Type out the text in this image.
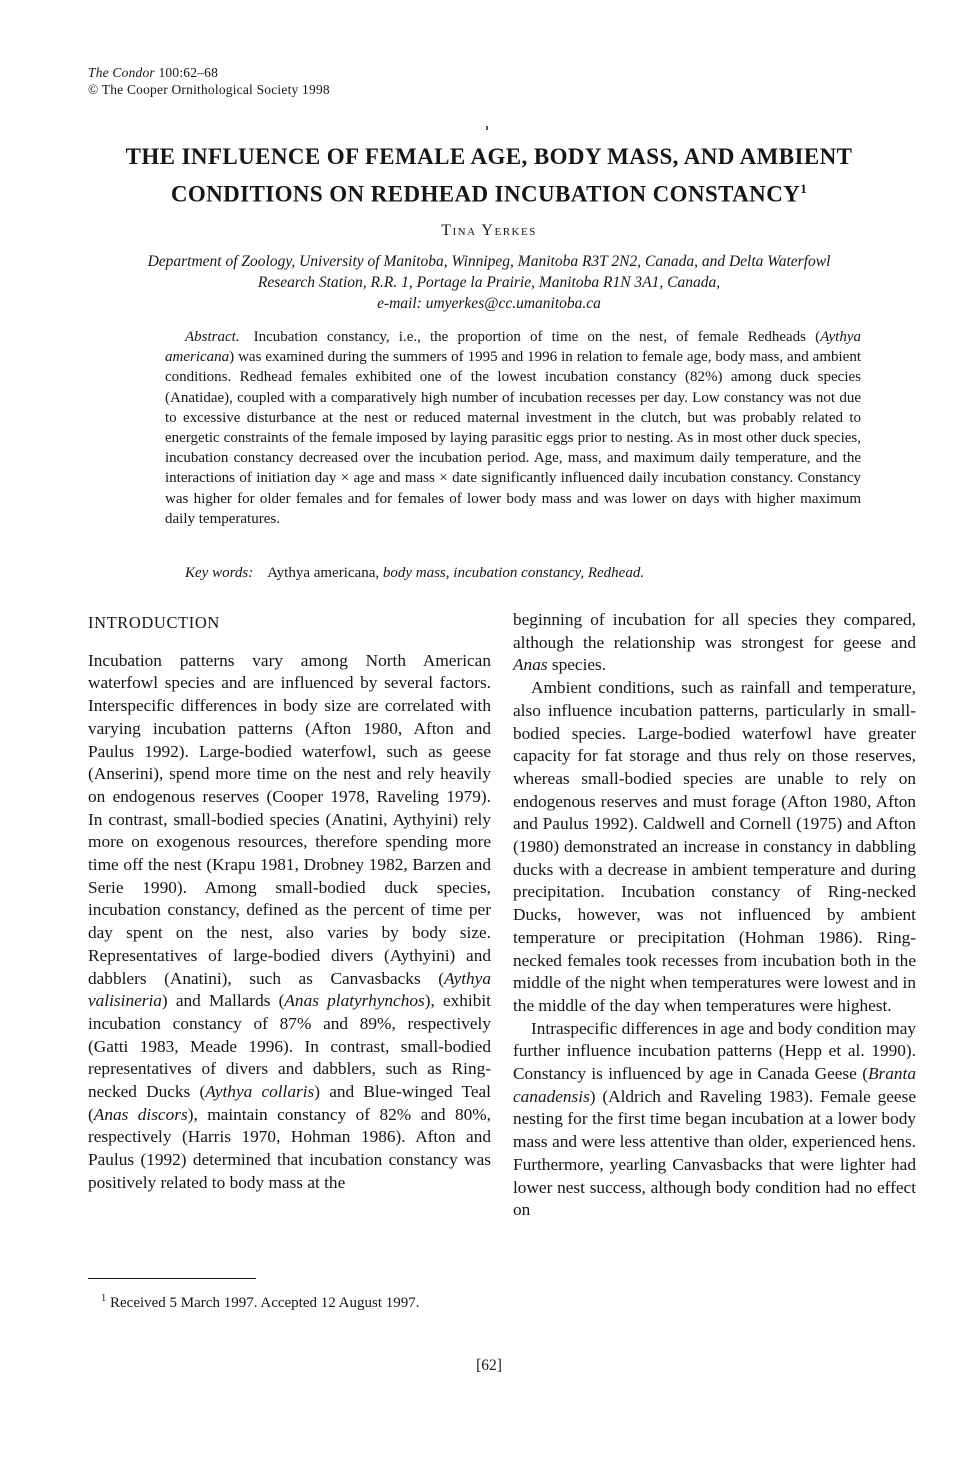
The Condor 100:62–68
© The Cooper Ornithological Society 1998
THE INFLUENCE OF FEMALE AGE, BODY MASS, AND AMBIENT
CONDITIONS ON REDHEAD INCUBATION CONSTANCY$^1$
Tina Yerkes
Department of Zoology, University of Manitoba, Winnipeg, Manitoba R3T 2N2, Canada, and Delta Waterfowl
Research Station, R.R. 1, Portage la Prairie, Manitoba R1N 3A1, Canada,
e-mail: umyerkes@cc.umanitoba.ca

Abstract. Incubation constancy, i.e., the proportion of time on the nest, of female Redheads (Aythya americana) was examined during the summers of 1995 and 1996 in relation to female age, body mass, and ambient conditions. Redhead females exhibited one of the lowest incubation constancy (82%) among duck species (Anatidae), coupled with a comparatively high number of incubation recesses per day. Low constancy was not due to excessive disturbance at the nest or reduced maternal investment in the clutch, but was probably related to energetic constraints of the female imposed by laying parasitic eggs prior to nesting. As in most other duck species, incubation constancy decreased over the incubation period. Age, mass, and maximum daily temperature, and the interactions of initiation day × age and mass × date significantly influenced daily incubation constancy. Constancy was higher for older females and for females of lower body mass and was lower on days with higher maximum daily temperatures.

Key words: Aythya americana, body mass, incubation constancy, Redhead.
INTRODUCTION

Incubation patterns vary among North American waterfowl species and are influenced by several factors. Interspecific differences in body size are correlated with varying incubation patterns (Afton 1980, Afton and Paulus 1992). Large-bodied waterfowl, such as geese (Anserini), spend more time on the nest and rely heavily on endogenous reserves (Cooper 1978, Raveling 1979). In contrast, small-bodied species (Anatini, Aythyini) rely more on exogenous resources, therefore spending more time off the nest (Krapu 1981, Drobney 1982, Barzen and Serie 1990). Among small-bodied duck species, incubation constancy, defined as the percent of time per day spent on the nest, also varies by body size. Representatives of large-bodied divers (Aythyini) and dabblers (Anatini), such as Canvasbacks (Aythya valisineria) and Mallards (Anas platyrhynchos), exhibit incubation constancy of 87% and 89%, respectively (Gatti 1983, Meade 1996). In contrast, small-bodied representatives of divers and dabblers, such as Ring-necked Ducks (Aythya collaris) and Blue-winged Teal (Anas discors), maintain constancy of 82% and 80%, respectively (Harris 1970, Hohman 1986). Afton and Paulus (1992) determined that incubation constancy was positively related to body mass at the

beginning of incubation for all species they compared, although the relationship was strongest for geese and Anas species.

Ambient conditions, such as rainfall and temperature, also influence incubation patterns, particularly in small-bodied species. Large-bodied waterfowl have greater capacity for fat storage and thus rely on those reserves, whereas small-bodied species are unable to rely on endogenous reserves and must forage (Afton 1980, Afton and Paulus 1992). Caldwell and Cornell (1975) and Afton (1980) demonstrated an increase in constancy in dabbling ducks with a decrease in ambient temperature and during precipitation. Incubation constancy of Ring-necked Ducks, however, was not influenced by ambient temperature or precipitation (Hohman 1986). Ring-necked females took recesses from incubation both in the middle of the night when temperatures were lowest and in the middle of the day when temperatures were highest.

Intraspecific differences in age and body condition may further influence incubation patterns (Hepp et al. 1990). Constancy is influenced by age in Canada Geese (Branta canadensis) (Aldrich and Raveling 1983). Female geese nesting for the first time began incubation at a lower body mass and were less attentive than older, experienced hens. Furthermore, yearling Canvasbacks that were lighter had lower nest success, although body condition had no effect on

$^1$ Received 5 March 1997. Accepted 12 August 1997.

[62]
